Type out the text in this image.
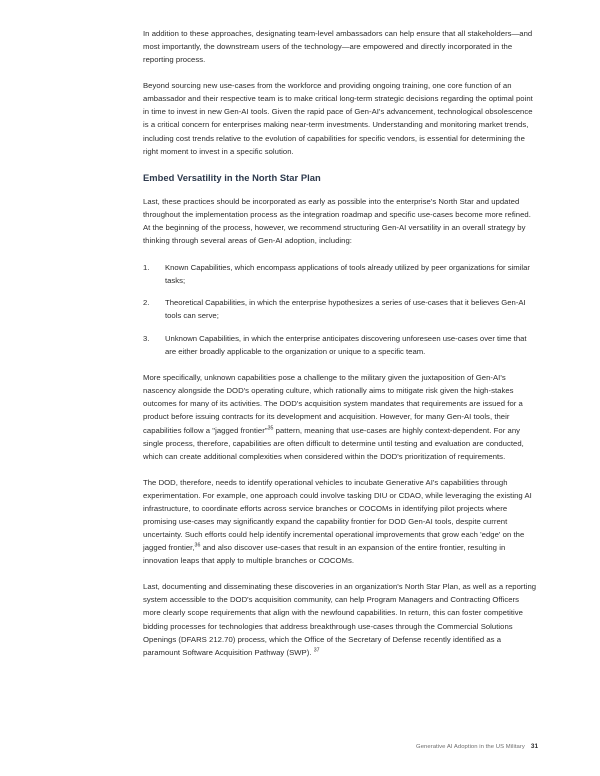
In addition to these approaches, designating team-level ambassadors can help ensure that all stakeholders—and most importantly, the downstream users of the technology—are empowered and directly incorporated in the reporting process.

Beyond sourcing new use-cases from the workforce and providing ongoing training, one core function of an ambassador and their respective team is to make critical long-term strategic decisions regarding the optimal point in time to invest in new Gen-AI tools. Given the rapid pace of Gen-AI's advancement, technological obsolescence is a critical concern for enterprises making near-term investments. Understanding and monitoring market trends, including cost trends relative to the evolution of capabilities for specific vendors, is essential for determining the right moment to invest in a specific solution.

Embed Versatility in the North Star Plan

Last, these practices should be incorporated as early as possible into the enterprise's North Star and updated throughout the implementation process as the integration roadmap and specific use-cases become more refined. At the beginning of the process, however, we recommend structuring Gen-AI versatility in an overall strategy by thinking through several areas of Gen-AI adoption, including:

Known Capabilities, which encompass applications of tools already utilized by peer organizations for similar tasks;
Theoretical Capabilities, in which the enterprise hypothesizes a series of use-cases that it believes Gen-AI tools can serve;
Unknown Capabilities, in which the enterprise anticipates discovering unforeseen use-cases over time that are either broadly applicable to the organization or unique to a specific team.

More specifically, unknown capabilities pose a challenge to the military given the juxtaposition of Gen-AI's nascency alongside the DOD's operating culture, which rationally aims to mitigate risk given the high-stakes outcomes for many of its activities. The DOD's acquisition system mandates that requirements are issued for a product before issuing contracts for its development and acquisition. However, for many Gen-AI tools, their capabilities follow a "jagged frontier"$^{35}$ pattern, meaning that use-cases are highly context-dependent. For any single process, therefore, capabilities are often difficult to determine until testing and evaluation are conducted, which can create additional complexities when considered within the DOD's prioritization of requirements.

The DOD, therefore, needs to identify operational vehicles to incubate Generative AI's capabilities through experimentation. For example, one approach could involve tasking DIU or CDAO, while leveraging the existing AI infrastructure, to coordinate efforts across service branches or COCOMs in identifying pilot projects where promising use-cases may significantly expand the capability frontier for DOD Gen-AI tools, despite current uncertainty. Such efforts could help identify incremental operational improvements that grow each 'edge' on the jagged frontier,$^{36}$ and also discover use-cases that result in an expansion of the entire frontier, resulting in innovation leaps that apply to multiple branches or COCOMs.

Last, documenting and disseminating these discoveries in an organization's North Star Plan, as well as a reporting system accessible to the DOD's acquisition community, can help Program Managers and Contracting Officers more clearly scope requirements that align with the newfound capabilities. In return, this can foster competitive bidding processes for technologies that address breakthrough use-cases through the Commercial Solutions Openings (DFARS 212.70) process, which the Office of the Secretary of Defense recently identified as a paramount Software Acquisition Pathway (SWP). $^{37}$

Generative AI Adoption in the US Military 31
